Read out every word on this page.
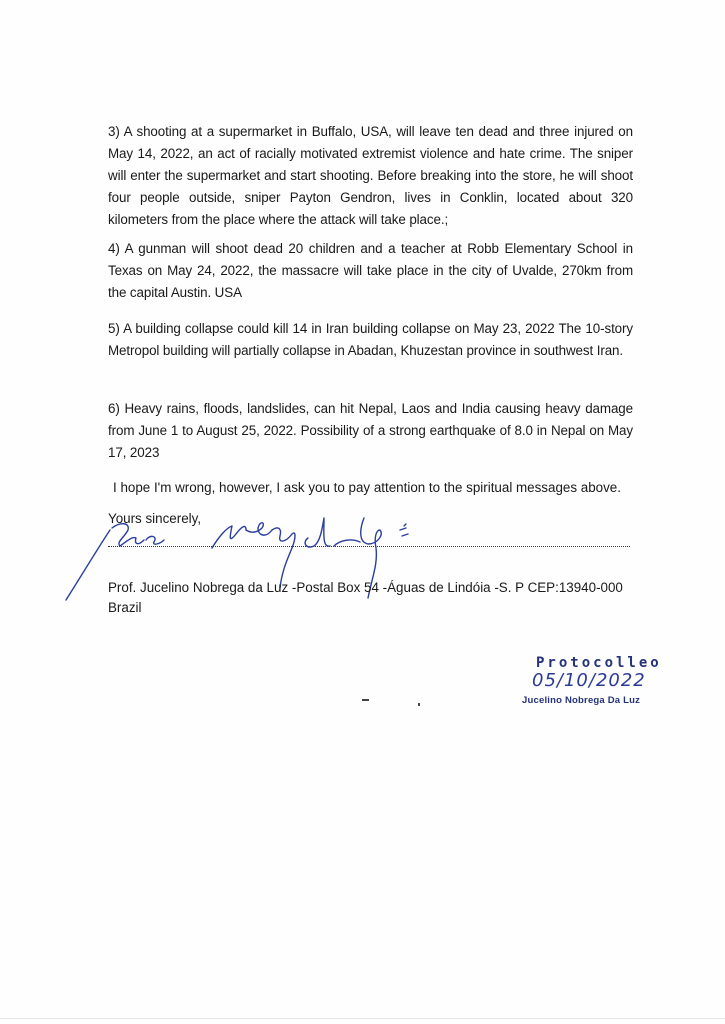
3) A shooting at a supermarket in Buffalo, USA, will leave ten dead and three injured on May 14, 2022, an act of racially motivated extremist violence and hate crime. The sniper will enter the supermarket and start shooting. Before breaking into the store, he will shoot four people outside, sniper Payton Gendron, lives in Conklin, located about 320 kilometers from the place where the attack will take place.;

4) A gunman will shoot dead 20 children and a teacher at Robb Elementary School in Texas on May 24, 2022, the massacre will take place in the city of Uvalde, 270km from the capital Austin. USA

5) A building collapse could kill 14 in Iran building collapse on May 23, 2022 The 10-story Metropol building will partially collapse in Abadan, Khuzestan province in southwest Iran.

6) Heavy rains, floods, landslides, can hit Nepal, Laos and India causing heavy damage from June 1 to August 25, 2022. Possibility of a strong earthquake of 8.0 in Nepal on May 17, 2023

I hope I'm wrong, however, I ask you to pay attention to the spiritual messages above.

Yours sincerely,

Prof. Jucelino Nobrega da Luz -Postal Box 54 -Águas de Lindóia -S. P CEP:13940-000 Brazil

Protocolleo
05/10/2022
Jucelino Nobrega Da Luz
